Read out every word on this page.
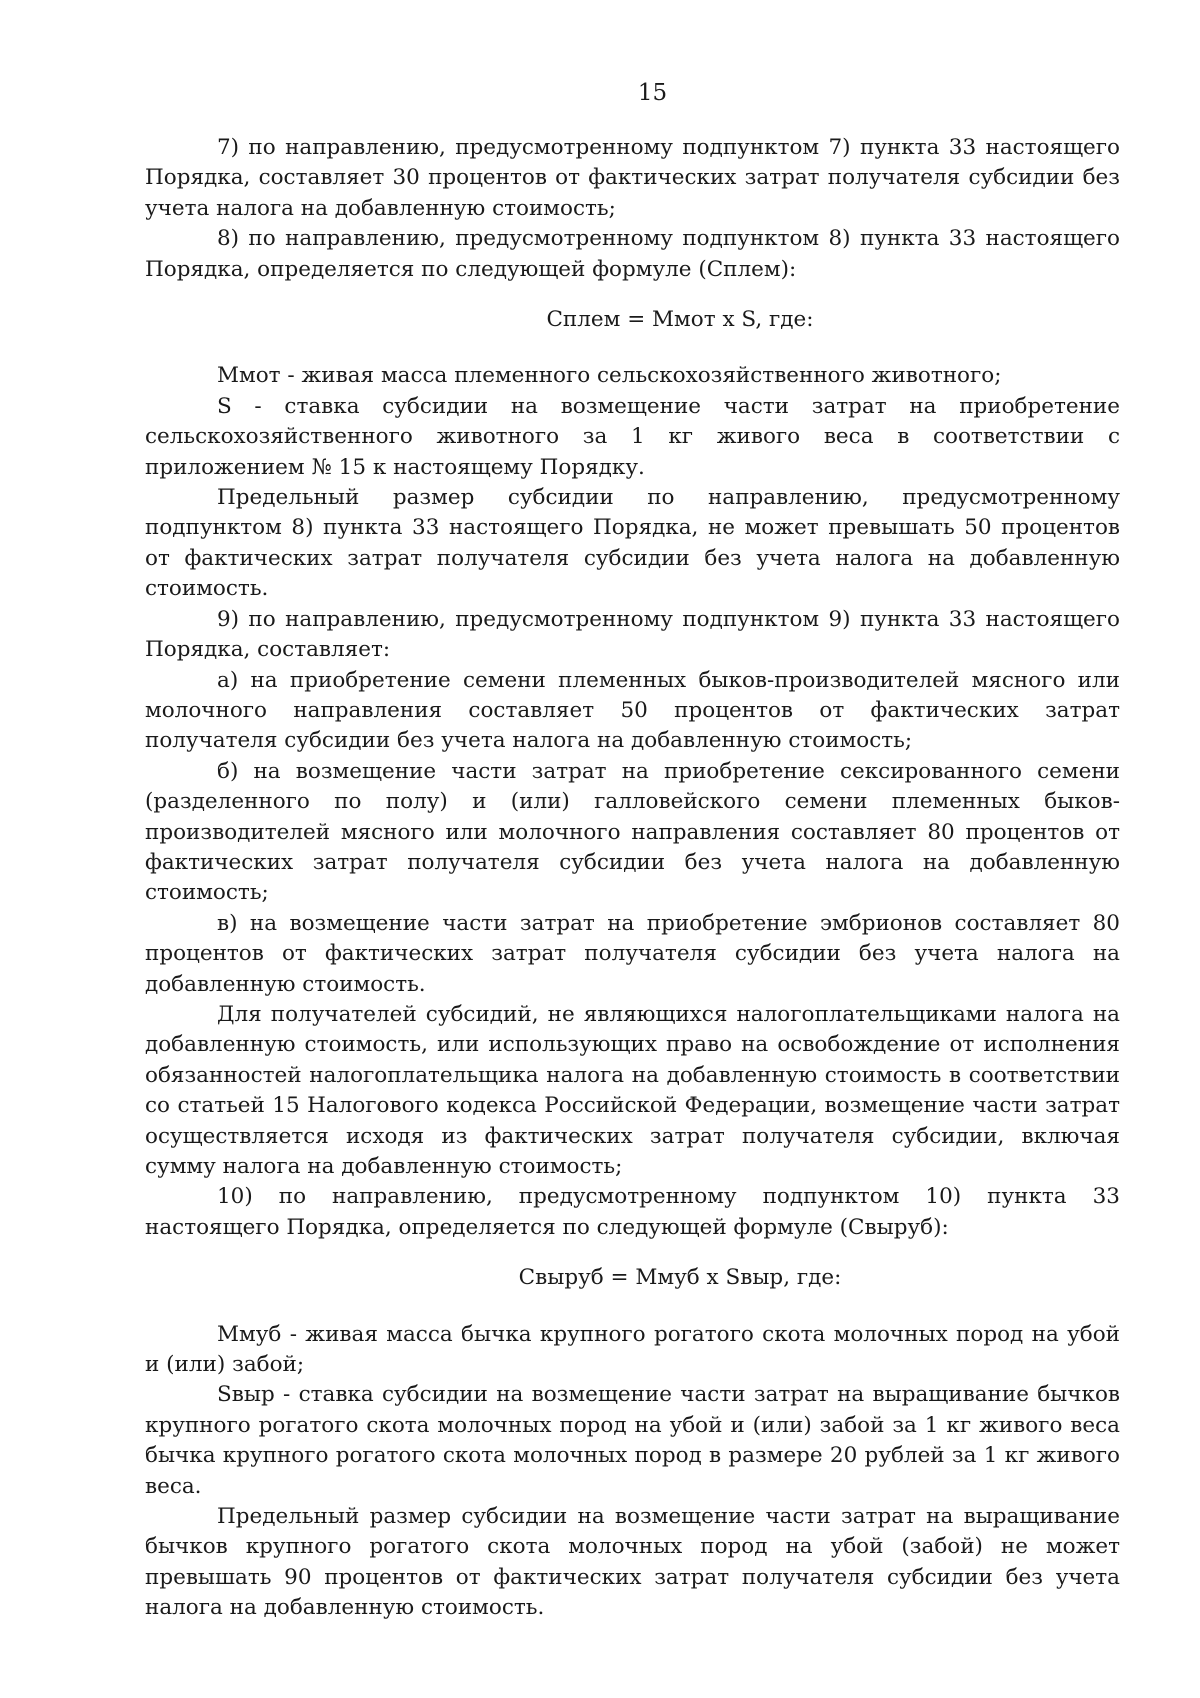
15

7) по направлению, предусмотренному подпунктом 7) пункта 33 настоящего Порядка, составляет 30 процентов от фактических затрат получателя субсидии без учета налога на добавленную стоимость;

8) по направлению, предусмотренному подпунктом 8) пункта 33 настоящего Порядка, определяется по следующей формуле (Сплем):

Сплем = Ммот х S, где:

Ммот - живая масса племенного сельскохозяйственного животного;

S - ставка субсидии на возмещение части затрат на приобретение сельскохозяйственного животного за 1 кг живого веса в соответствии с приложением № 15 к настоящему Порядку.

Предельный размер субсидии по направлению, предусмотренному подпунктом 8) пункта 33 настоящего Порядка, не может превышать 50 процентов от фактических затрат получателя субсидии без учета налога на добавленную стоимость.

9) по направлению, предусмотренному подпунктом 9) пункта 33 настоящего Порядка, составляет:

а) на приобретение семени племенных быков-производителей мясного или молочного направления составляет 50 процентов от фактических затрат получателя субсидии без учета налога на добавленную стоимость;

б) на возмещение части затрат на приобретение сексированного семени (разделенного по полу) и (или) галловейского семени племенных быков-производителей мясного или молочного направления составляет 80 процентов от фактических затрат получателя субсидии без учета налога на добавленную стоимость;

в) на возмещение части затрат на приобретение эмбрионов составляет 80 процентов от фактических затрат получателя субсидии без учета налога на добавленную стоимость.

Для получателей субсидий, не являющихся налогоплательщиками налога на добавленную стоимость, или использующих право на освобождение от исполнения обязанностей налогоплательщика налога на добавленную стоимость в соответствии со статьей 15 Налогового кодекса Российской Федерации, возмещение части затрат осуществляется исходя из фактических затрат получателя субсидии, включая сумму налога на добавленную стоимость;

10) по направлению, предусмотренному подпунктом 10) пункта 33 настоящего Порядка, определяется по следующей формуле (Свыруб):

Свыруб = Ммуб х Sвыр, где:

Ммуб - живая масса бычка крупного рогатого скота молочных пород на убой и (или) забой;

Sвыр - ставка субсидии на возмещение части затрат на выращивание бычков крупного рогатого скота молочных пород на убой и (или) забой за 1 кг живого веса бычка крупного рогатого скота молочных пород в размере 20 рублей за 1 кг живого веса.

Предельный размер субсидии на возмещение части затрат на выращивание бычков крупного рогатого скота молочных пород на убой (забой) не может превышать 90 процентов от фактических затрат получателя субсидии без учета налога на добавленную стоимость.
